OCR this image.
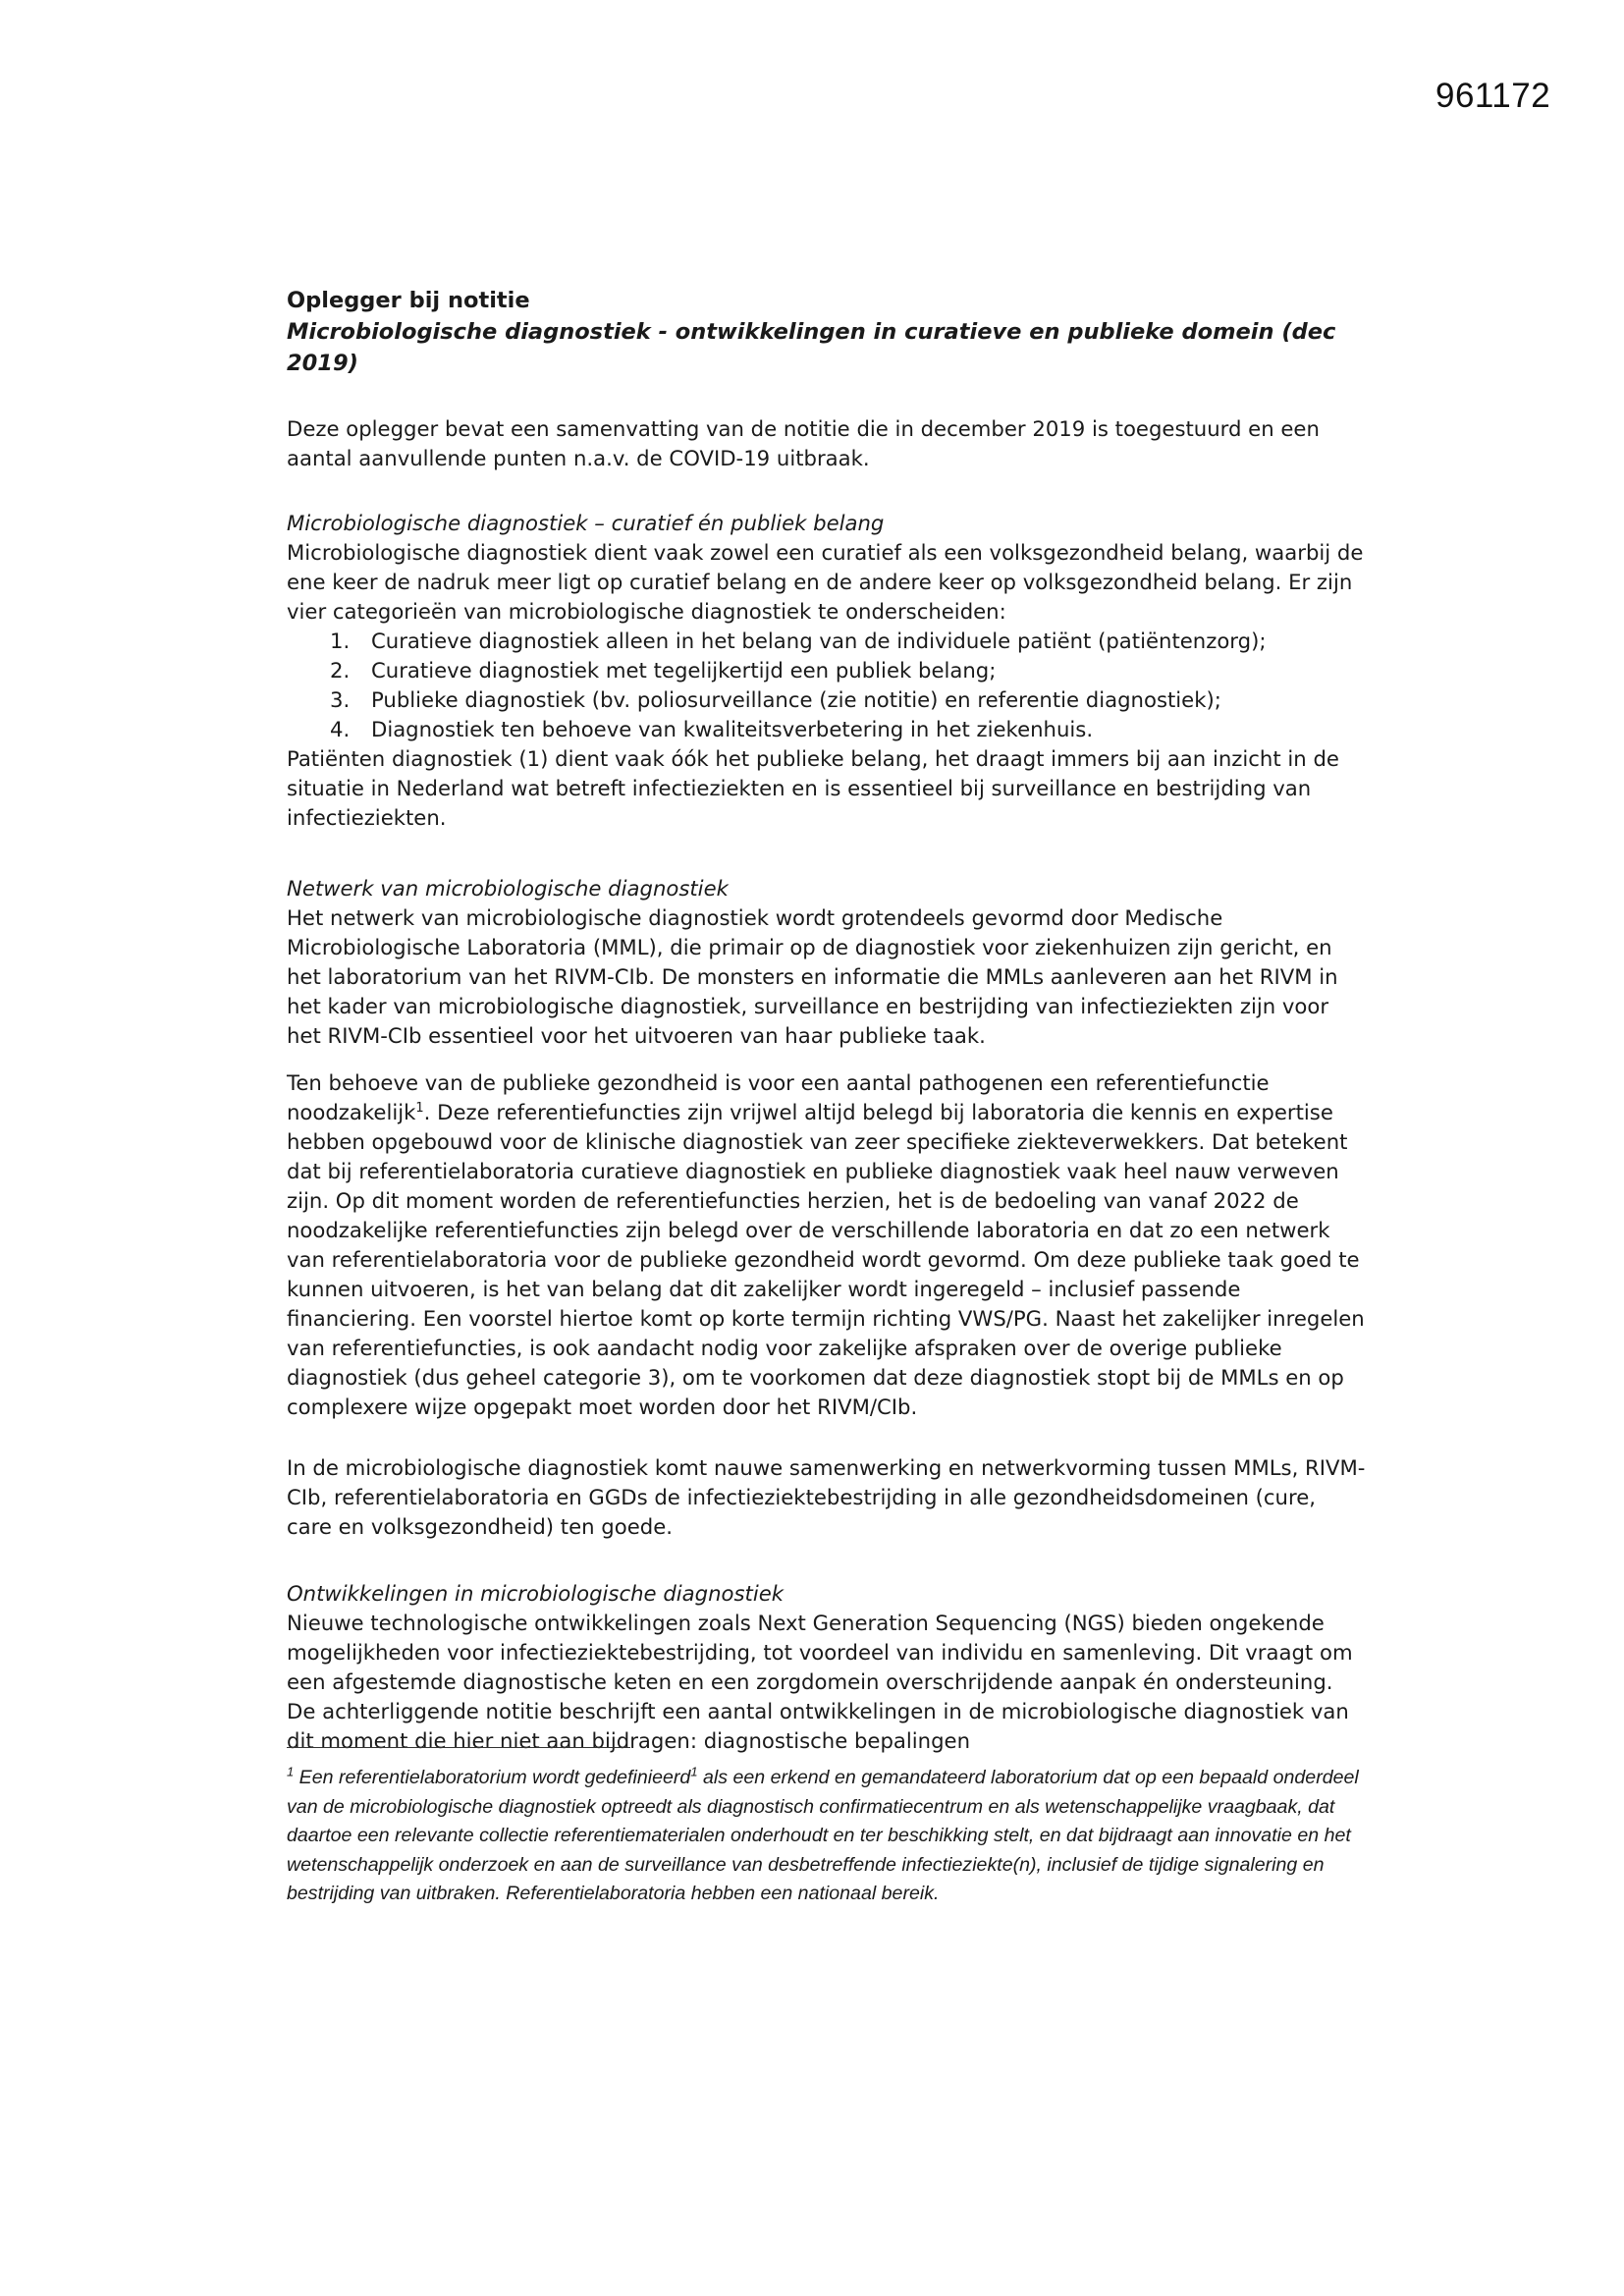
961172

Oplegger bij notitie

Microbiologische diagnostiek - ontwikkelingen in curatieve en publieke domein (dec 2019)

Deze oplegger bevat een samenvatting van de notitie die in december 2019 is toegestuurd en een aantal aanvullende punten n.a.v. de COVID-19 uitbraak.

Microbiologische diagnostiek – curatief én publiek belang

Microbiologische diagnostiek dient vaak zowel een curatief als een volksgezondheid belang, waarbij de ene keer de nadruk meer ligt op curatief belang en de andere keer op volksgezondheid belang. Er zijn vier categorieën van microbiologische diagnostiek te onderscheiden:

1. Curatieve diagnostiek alleen in het belang van de individuele patiënt (patiëntenzorg);
2. Curatieve diagnostiek met tegelijkertijd een publiek belang;
3. Publieke diagnostiek (bv. poliosurveillance (zie notitie) en referentie diagnostiek);
4. Diagnostiek ten behoeve van kwaliteitsverbetering in het ziekenhuis.

Patiënten diagnostiek (1) dient vaak óók het publieke belang, het draagt immers bij aan inzicht in de situatie in Nederland wat betreft infectieziekten en is essentieel bij surveillance en bestrijding van infectieziekten.

Netwerk van microbiologische diagnostiek

Het netwerk van microbiologische diagnostiek wordt grotendeels gevormd door Medische Microbiologische Laboratoria (MML), die primair op de diagnostiek voor ziekenhuizen zijn gericht, en het laboratorium van het RIVM-CIb. De monsters en informatie die MMLs aanleveren aan het RIVM in het kader van microbiologische diagnostiek, surveillance en bestrijding van infectieziekten zijn voor het RIVM-CIb essentieel voor het uitvoeren van haar publieke taak.

Ten behoeve van de publieke gezondheid is voor een aantal pathogenen een referentiefunctie noodzakelijk$^1$. Deze referentiefuncties zijn vrijwel altijd belegd bij laboratoria die kennis en expertise hebben opgebouwd voor de klinische diagnostiek van zeer specifieke ziekteverwekkers. Dat betekent dat bij referentielaboratoria curatieve diagnostiek en publieke diagnostiek vaak heel nauw verweven zijn. Op dit moment worden de referentiefuncties herzien, het is de bedoeling van vanaf 2022 de noodzakelijke referentiefuncties zijn belegd over de verschillende laboratoria en dat zo een netwerk van referentielaboratoria voor de publieke gezondheid wordt gevormd. Om deze publieke taak goed te kunnen uitvoeren, is het van belang dat dit zakelijker wordt ingeregeld – inclusief passende financiering. Een voorstel hiertoe komt op korte termijn richting VWS/PG. Naast het zakelijker inregelen van referentiefuncties, is ook aandacht nodig voor zakelijke afspraken over de overige publieke diagnostiek (dus geheel categorie 3), om te voorkomen dat deze diagnostiek stopt bij de MMLs en op complexere wijze opgepakt moet worden door het RIVM/CIb.

In de microbiologische diagnostiek komt nauwe samenwerking en netwerkvorming tussen MMLs, RIVM-CIb, referentielaboratoria en GGDs de infectieziektebestrijding in alle gezondheidsdomeinen (cure, care en volksgezondheid) ten goede.

Ontwikkelingen in microbiologische diagnostiek

Nieuwe technologische ontwikkelingen zoals Next Generation Sequencing (NGS) bieden ongekende mogelijkheden voor infectieziektebestrijding, tot voordeel van individu en samenleving. Dit vraagt om een afgestemde diagnostische keten en een zorgdomein overschrijdende aanpak én ondersteuning. De achterliggende notitie beschrijft een aantal ontwikkelingen in de microbiologische diagnostiek van dit moment die hier niet aan bijdragen: diagnostische bepalingen

$^1$ Een referentielaboratorium wordt gedefinieerd$^1$ als een erkend en gemandateerd laboratorium dat op een bepaald onderdeel van de microbiologische diagnostiek optreedt als diagnostisch confirmatiecentrum en als wetenschappelijke vraagbaak, dat daartoe een relevante collectie referentiematerialen onderhoudt en ter beschikking stelt, en dat bijdraagt aan innovatie en het wetenschappelijk onderzoek en aan de surveillance van desbetreffende infectieziekte(n), inclusief de tijdige signalering en bestrijding van uitbraken. Referentielaboratoria hebben een nationaal bereik.
